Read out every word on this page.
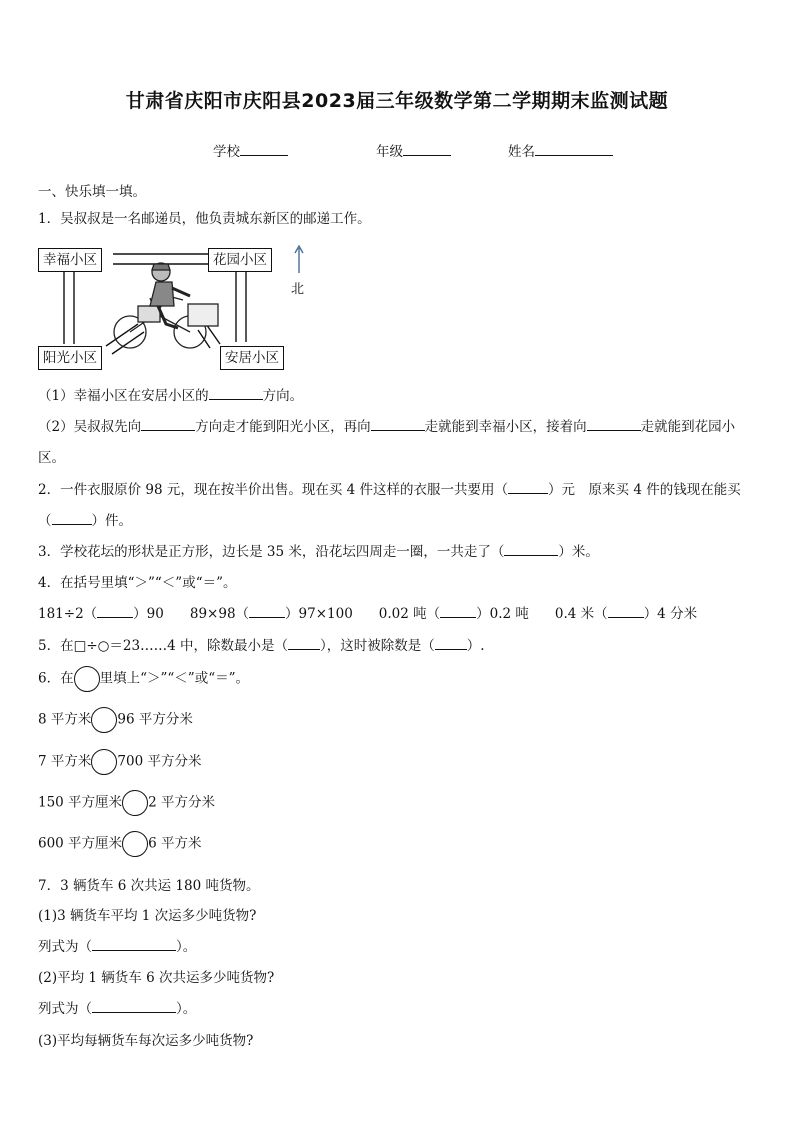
甘肃省庆阳市庆阳县2023届三年级数学第二学期期末监测试题
学校	年级	姓名
一、快乐填一填。
1．吴叔叔是一名邮递员，他负责城东新区的邮递工作。
幸福小区	花园小区
阳光小区	安居小区
北
（1）幸福小区在安居小区的	方向。
（2）吴叔叔先向	方向走才能到阳光小区，再向	走就能到幸福小区，接着向	走就能到花园小
区。
2．一件衣服原价 98 元，现在按半价出售。现在买 4 件这样的衣服一共要用（	）元　原来买 4 件的钱现在能买
（	）件。
3．学校花坛的形状是正方形，边长是 35 米，沿花坛四周走一圈，一共走了（	）米。
4．在括号里填“＞”“＜”或“＝”。
181÷2（	）90 89×98（	）97×100 0.02 吨（	）0.2 吨 0.4 米（	）4 分米
5．在□÷○＝23……4 中，除数最小是（ ），这时被除数是（ ）.
6．在 里填上“＞”“＜”或“＝”。
8 平方米 96 平方分米
7 平方米 700 平方分米
150 平方厘米 2 平方分米
600 平方厘米 6 平方米
7．3 辆货车 6 次共运 180 吨货物。
(1)3 辆货车平均 1 次运多少吨货物?
列式为（	）。
(2)平均 1 辆货车 6 次共运多少吨货物?
列式为（	）。
(3)平均每辆货车每次运多少吨货物?
